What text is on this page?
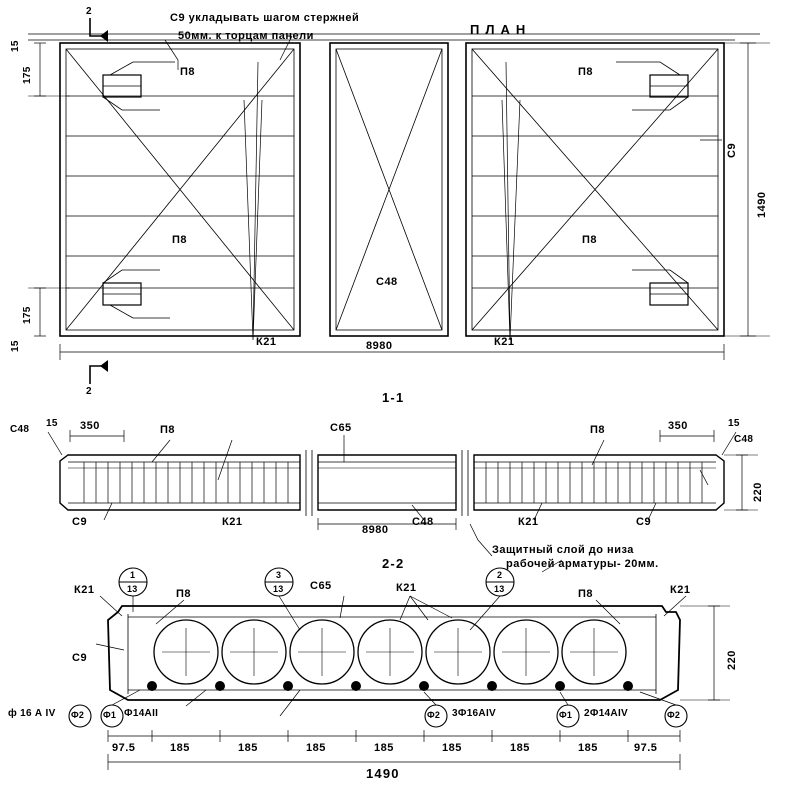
П Л А Н
С9 укладывать шагом стержней
50мм. к торцам панели
П8
П8
П8
П8
С48
К21	К21
С9
8980
1490
175
175
15
15
2
2	1-1
С48	П8
С9	К21
С65
С48
П8
К21	С9
С48
350	350
15	15
8980
220
Защитный слой до низа
рабочей арматуры- 20мм.
2-2
1
13
3
13
2
13
К21	П8
С9
С65	К21	П8	К21
ф 16 А IV	Ф14АII	3Ф16АIV	2Ф14АIV
Ф2 Ф1	Ф2	Ф1	Ф2
97.5	185	185	185	185	185	185	185	97.5
1490
220
